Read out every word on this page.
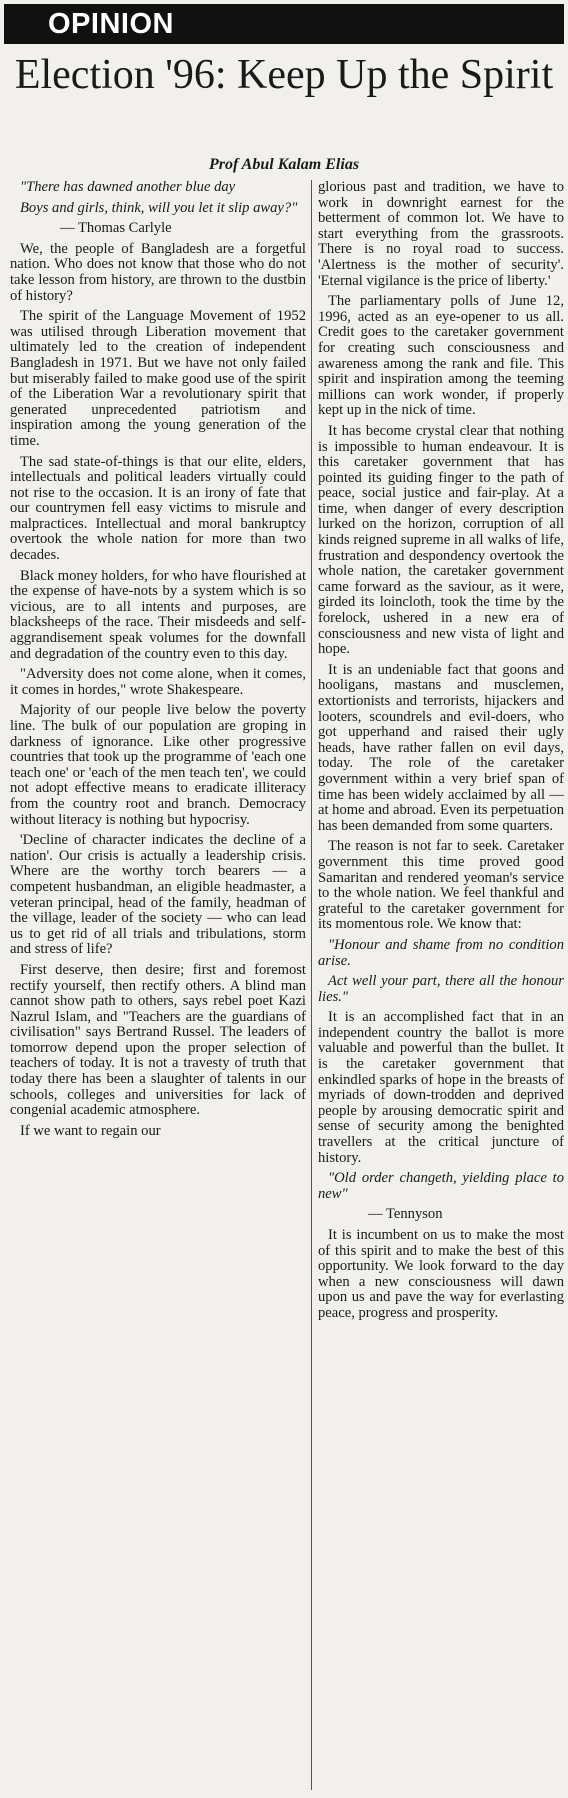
OPINION
Election '96: Keep Up the Spirit
Prof Abul Kalam Elias

"There has dawned another blue day

Boys and girls, think, will you let it slip away?"

— Thomas Carlyle

We, the people of Bangladesh are a forgetful nation. Who does not know that those who do not take lesson from history, are thrown to the dustbin of history?

The spirit of the Language Movement of 1952 was utilised through Liberation movement that ultimately led to the creation of independent Bangladesh in 1971. But we have not only failed but miserably failed to make good use of the spirit of the Liberation War a revolutionary spirit that generated unprecedented patriotism and inspiration among the young generation of the time.

The sad state-of-things is that our elite, elders, intellectuals and political leaders virtually could not rise to the occasion. It is an irony of fate that our countrymen fell easy victims to misrule and malpractices. Intellectual and moral bankruptcy overtook the whole nation for more than two decades.

Black money holders, for who have flourished at the expense of have-nots by a system which is so vicious, are to all intents and purposes, are blacksheeps of the race. Their misdeeds and self-aggrandisement speak volumes for the downfall and degradation of the country even to this day.

"Adversity does not come alone, when it comes, it comes in hordes," wrote Shakespeare.

Majority of our people live below the poverty line. The bulk of our population are groping in darkness of ignorance. Like other progressive countries that took up the programme of 'each one teach one' or 'each of the men teach ten', we could not adopt effective means to eradicate illiteracy from the country root and branch. Democracy without literacy is nothing but hypocrisy.

'Decline of character indicates the decline of a nation'. Our crisis is actually a leadership crisis. Where are the worthy torch bearers — a competent husbandman, an eligible headmaster, a veteran principal, head of the family, headman of the village, leader of the society — who can lead us to get rid of all trials and tribulations, storm and stress of life?

First deserve, then desire; first and foremost rectify yourself, then rectify others. A blind man cannot show path to others, says rebel poet Kazi Nazrul Islam, and "Teachers are the guardians of civilisation" says Bertrand Russel. The leaders of tomorrow depend upon the proper selection of teachers of today. It is not a travesty of truth that today there has been a slaughter of talents in our schools, colleges and universities for lack of congenial academic atmosphere.

If we want to regain our

glorious past and tradition, we have to work in downright earnest for the betterment of common lot. We have to start everything from the grassroots. There is no royal road to success. 'Alertness is the mother of security'. 'Eternal vigilance is the price of liberty.'

The parliamentary polls of June 12, 1996, acted as an eye-opener to us all. Credit goes to the caretaker government for creating such consciousness and awareness among the rank and file. This spirit and inspiration among the teeming millions can work wonder, if properly kept up in the nick of time.

It has become crystal clear that nothing is impossible to human endeavour. It is this caretaker government that has pointed its guiding finger to the path of peace, social justice and fair-play. At a time, when danger of every description lurked on the horizon, corruption of all kinds reigned supreme in all walks of life, frustration and despondency overtook the whole nation, the caretaker government came forward as the saviour, as it were, girded its loincloth, took the time by the forelock, ushered in a new era of consciousness and new vista of light and hope.

It is an undeniable fact that goons and hooligans, mastans and musclemen, extortionists and terrorists, hijackers and looters, scoundrels and evil-doers, who got upperhand and raised their ugly heads, have rather fallen on evil days, today. The role of the caretaker government within a very brief span of time has been widely acclaimed by all — at home and abroad. Even its perpetuation has been demanded from some quarters.

The reason is not far to seek. Caretaker government this time proved good Samaritan and rendered yeoman's service to the whole nation. We feel thankful and grateful to the caretaker government for its momentous role. We know that:

"Honour and shame from no condition arise.

Act well your part, there all the honour lies."

It is an accomplished fact that in an independent country the ballot is more valuable and powerful than the bullet. It is the caretaker government that enkindled sparks of hope in the breasts of myriads of down-trodden and deprived people by arousing democratic spirit and sense of security among the benighted travellers at the critical juncture of history.

"Old order changeth, yielding place to new"

— Tennyson

It is incumbent on us to make the most of this spirit and to make the best of this opportunity. We look forward to the day when a new consciousness will dawn upon us and pave the way for everlasting peace, progress and prosperity.
